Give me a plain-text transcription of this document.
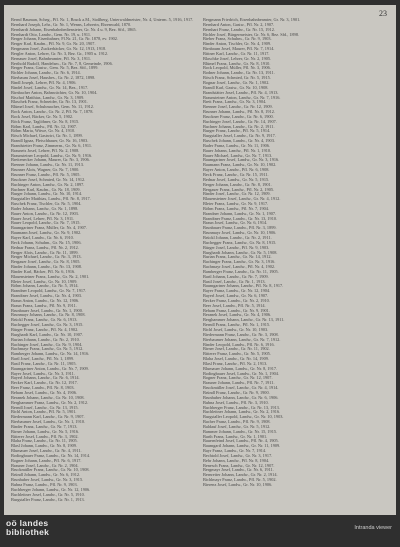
23
Bernd Bauman, Scheg., Pfl. Nr. 1, Bruck a.M., Stoßberg, Unterwaldmeister, Nr. 4, Unterm. 5, 1916, 1917.
Bernhard Joseph, Lehr., Gr. Nr. 1, Wenns, Lehrerin, Ehrenwald, 1870.
Bernhardt Johann, Eisenbahnbediensteter, Gr. Nr. 4 u. 9, Bez. Sfd., 1865.
Bernhardt Otto, Landw., Gem. Nr. 19, u. 1911.
Berger Johann, Eisenbahner, Fl.Nr. 21, Gr. Nr. 1878, ev. 1902.
Berger Karl, Kaufm., Pfl. Nr. 9, Gr. Nr. 20, 1907.
Bergmann Josef, Zuckerbäcker, Gr. Nr. 12, 1913, 1918.
Bergler Anton, Lehrer, Gr. Nr. 3, Bez. Gr., 1905 u. 1912.
Bernauer Josef, Bahnbeamter, Pfl. Nr. 3, 1911.
Berthold Rudolf, Handelsm., Gr. Nr. 7, 8, Gemeinde, 1906.
Berger Franz, Gastw., Gem. Nr. 5, Bez. Sfd., 1899.
Bichler Johann, Landw., Gr. Nr. 6, 1914.
Bierbaum Josef, Hausbes., Gr. Nr. 2, 1872, 1898.
Bindl Joseph, Lehrer, Pfl. Nr. 4, 1906.
Bindel Josef, Landw., Gr. Nr. 14, Bez., 1917.
Birnbacher Anton, Bahnwächter, Gr. Nr. 10, 1904.
Bischof Matthias, Landw., Gr. Nr. 3, 1909.
Blaschek Franz, Schneider, Gr. Nr. 13, 1901.
Blümel Josef, Schuhmacher, Gem. Nr. 11, 1912.
Bock Anton, Landw., Gr. Nr. 2, Pfl. Nr. 7, 1878.
Bock Josef, Bäcker, Gr. Nr. 5, 1902.
Böck Franz, Taglöhner, Gr. Nr. 8, 1915.
Böhm Karl, Landw., Pfl. Nr. 12, 1907.
Böhm Maria, Witwe, Gr. Nr. 4, 1910.
Bösch Michael, Gastwirt, Gr. Nr. 1, 1899.
Brandl Ignaz, Fleischhauer, Gr. Nr. 16, 1903.
Brandstetter Franz, Zimmerm., Gr. Nr. 6, 1911.
Brauneis Josef, Lehrer, Pfl. Nr. 2, 1908.
Braunsteiner Leopold, Landw., Gr. Nr. 9, 1916.
Breitenecker Johann, Maurer, Gr. Nr. 3, 1906.
Brenner Johann, Landw., Gr. Nr. 11, 1913.
Brunner Alois, Wagner, Gr. Nr. 7, 1900.
Brunner Franz, Landw., Pfl. Nr. 5, 1905.
Bruckner Josef, Schmied, Gr. Nr. 14, 1912.
Buchinger Anton, Landw., Gr. Nr. 2, 1897.
Buchner Karl, Kaufm., Gr. Nr. 18, 1909.
Burger Johann, Landw., Gr. Nr. 10, 1914.
Burgstaller Matthias, Landw., Pfl. Nr. 8, 1917.
Buschek Franz, Tischler, Gr. Nr. 5, 1904.
Bader Johann, Landw., Gr. Nr. 1, 1898.
Bauer Anton, Landw., Gr. Nr. 12, 1903.
Bauer Josef, Lehrer, Pfl. Nr. 3, 1911.
Bauer Leopold, Landw., Gr. Nr. 7, 1915.
Baumgartner Franz, Müller, Gr. Nr. 4, 1907.
Baumann Josef, Landw., Gr. Nr. 9, 1902.
Bayer Karl, Landw., Gr. Nr. 6, 1910.
Beck Johann, Schuhm., Gr. Nr. 15, 1906.
Bednar Franz, Landw., Pfl. Nr. 2, 1912.
Berger Alois, Landw., Gr. Nr. 11, 1899.
Berger Michael, Landw., Gr. Nr. 3, 1913.
Bergauer Josef, Landw., Gr. Nr. 8, 1905.
Binder Johann, Landw., Gr. Nr. 13, 1908.
Binder Karl, Bäcker, Pfl. Nr. 6, 1916.
Blauensteiner Franz, Landw., Gr. Nr. 2, 1901.
Bleier Josef, Landw., Gr. Nr. 10, 1909.
Böhm Johann, Landw., Gr. Nr. 5, 1914.
Brandner Leopold, Landw., Gr. Nr. 7, 1917.
Brandtner Josef, Landw., Gr. Nr. 4, 1903.
Braun Anton, Landw., Gr. Nr. 12, 1906.
Braun Franz, Landw., Pfl. Nr. 9, 1911.
Brunbauer Josef, Landw., Gr. Nr. 1, 1900.
Brunmayr Johann, Landw., Gr. Nr. 8, 1908.
Brückl Franz, Landw., Gr. Nr. 6, 1913.
Buchegger Josef, Landw., Gr. Nr. 3, 1915.
Bürger Franz, Landw., Pfl. Nr. 4, 1902.
Burghardt Karl, Landw., Gr. Nr. 10, 1907.
Burian Johann, Landw., Gr. Nr. 2, 1910.
Bachinger Josef, Landw., Gr. Nr. 9, 1904.
Bachmayr Franz, Landw., Gr. Nr. 5, 1912.
Bamberger Johann, Landw., Gr. Nr. 14, 1916.
Bartl Josef, Landw., Pfl. Nr. 1, 1899.
Bastl Franz, Landw., Gr. Nr. 11, 1905.
Baumgartner Anton, Landw., Gr. Nr. 7, 1909.
Bayer Josef, Landw., Gr. Nr. 3, 1911.
Bayerl Johann, Landw., Gr. Nr. 6, 1914.
Becker Karl, Landw., Gr. Nr. 12, 1917.
Beer Franz, Landw., Pfl. Nr. 8, 1903.
Beham Josef, Landw., Gr. Nr. 4, 1906.
Beranek Johann, Landw., Gr. Nr. 10, 1908.
Berghammer Franz, Landw., Gr. Nr. 2, 1912.
Berndl Josef, Landw., Gr. Nr. 13, 1915.
Bichl Anton, Landw., Pfl. Nr. 5, 1901.
Biedermann Karl, Landw., Gr. Nr. 9, 1907.
Bierbaumer Josef, Landw., Gr. Nr. 1, 1910.
Binder Franz, Landw., Gr. Nr. 7, 1913.
Birner Johann, Landw., Gr. Nr. 5, 1916.
Bitterer Josef, Landw., Pfl. Nr. 3, 1902.
Blaha Franz, Landw., Gr. Nr. 11, 1905.
Blasl Johann, Landw., Gr. Nr. 8, 1909.
Blumauer Josef, Landw., Gr. Nr. 4, 1911.
Bodingbauer Franz, Landw., Gr. Nr. 14, 1914.
Bogner Johann, Landw., Pfl. Nr. 6, 1917.
Brauner Josef, Landw., Gr. Nr. 2, 1904.
Bruckmüller Franz, Landw., Gr. Nr. 10, 1908.
Bründl Johann, Landw., Gr. Nr. 6, 1912.
Brunhuber Josef, Landw., Gr. Nr. 3, 1915.
Bubna Franz, Landw., Pfl. Nr. 9, 1903.
Buchberger Johann, Landw., Gr. Nr. 12, 1906.
Buchleitner Josef, Landw., Gr. Nr. 5, 1910.
Burgstaller Franz, Landw., Gr. Nr. 1, 1913.
Bergmann Friedrich, Eisenbahnbeamter, Gr. Nr. 3, 1901.
Bernhard Anton, Gastw., Pfl. Nr. 2, 1907.
Bernhart Franz, Landw., Gr. Nr. 15, 1912.
Bichler Josef, Bürgermeister, Gr. Nr. 6, Bez. Sfd., 1898.
Bieber Franz, Schuhm., Gr. Nr. 9, 1903.
Binder Anton, Tischler, Gr. Nr. 4, 1909.
Birnbaum Josef, Maurer, Pfl. Nr. 7, 1914.
Bittner Karl, Landw., Gr. Nr. 11, 1917.
Blaschke Josef, Lehrer, Gr. Nr. 2, 1905.
Blümel Franz, Landw., Gr. Nr. 8, 1910.
Bock Leopold, Müller, Pfl. Nr. 3, 1906.
Bodner Johann, Landw., Gr. Nr. 13, 1911.
Bösch Franz, Schmied, Gr. Nr. 5, 1915.
Bognar Josef, Landw., Gr. Nr. 1, 1902.
Brandl Karl, Gastw., Gr. Nr. 10, 1908.
Brandstätter Josef, Landw., Pfl. Nr. 4, 1913.
Braunsteiner Anton, Landw., Gr. Nr. 7, 1916.
Breit Franz, Landw., Gr. Nr. 3, 1904.
Brenner Josef, Landw., Gr. Nr. 12, 1909.
Brunner Johann, Landw., Pfl. Nr. 8, 1912.
Bruckner Franz, Landw., Gr. Nr. 6, 1900.
Buchinger Josef, Landw., Gr. Nr. 14, 1907.
Buchner Johann, Landw., Gr. Nr. 2, 1911.
Burger Franz, Landw., Pfl. Nr. 5, 1914.
Burgstaller Josef, Landw., Gr. Nr. 9, 1917.
Buschek Johann, Landw., Gr. Nr. 4, 1903.
Bader Franz, Landw., Gr. Nr. 11, 1906.
Bauer Johann, Landw., Pfl. Nr. 1, 1910.
Bauer Michael, Landw., Gr. Nr. 7, 1913.
Baumgartner Josef, Landw., Gr. Nr. 3, 1916.
Baumann Franz, Landw., Gr. Nr. 10, 1902.
Bayer Anton, Landw., Pfl. Nr. 6, 1908.
Beck Franz, Landw., Gr. Nr. 15, 1911.
Bednar Josef, Landw., Gr. Nr. 5, 1915.
Berger Johann, Landw., Gr. Nr. 8, 1901.
Bergauer Franz, Landw., Pfl. Nr. 2, 1905.
Binder Josef, Landw., Gr. Nr. 12, 1909.
Blauensteiner Josef, Landw., Gr. Nr. 4, 1912.
Bleier Franz, Landw., Gr. Nr. 9, 1917.
Böhm Franz, Landw., Pfl. Nr. 7, 1904.
Brandner Johann, Landw., Gr. Nr. 1, 1907.
Brandtner Franz, Landw., Gr. Nr. 13, 1910.
Braun Josef, Landw., Gr. Nr. 6, 1914.
Brunbauer Franz, Landw., Pfl. Nr. 3, 1899.
Brunmayr Josef, Landw., Gr. Nr. 10, 1906.
Brückl Johann, Landw., Gr. Nr. 2, 1911.
Buchegger Franz, Landw., Gr. Nr. 8, 1915.
Bürger Josef, Landw., Pfl. Nr. 9, 1903.
Burghardt Johann, Landw., Gr. Nr. 5, 1908.
Burian Franz, Landw., Gr. Nr. 14, 1912.
Bachinger Franz, Landw., Gr. Nr. 3, 1916.
Bachmayr Josef, Landw., Pfl. Nr. 4, 1902.
Bamberger Franz, Landw., Gr. Nr. 11, 1905.
Bartl Johann, Landw., Gr. Nr. 7, 1909.
Bastl Josef, Landw., Gr. Nr. 1, 1913.
Baumgartner Johann, Landw., Pfl. Nr. 8, 1917.
Bayer Franz, Landw., Gr. Nr. 12, 1904.
Bayerl Josef, Landw., Gr. Nr. 6, 1907.
Becker Franz, Landw., Gr. Nr. 2, 1910.
Beer Josef, Landw., Pfl. Nr. 5, 1914.
Beham Franz, Landw., Gr. Nr. 9, 1901.
Beranek Josef, Landw., Gr. Nr. 4, 1906.
Berghammer Johann, Landw., Gr. Nr. 13, 1911.
Berndl Franz, Landw., Pfl. Nr. 1, 1915.
Bichl Josef, Landw., Gr. Nr. 10, 1903.
Biedermann Franz, Landw., Gr. Nr. 3, 1908.
Bierbaumer Johann, Landw., Gr. Nr. 7, 1912.
Binder Leopold, Landw., Pfl. Nr. 6, 1916.
Birner Josef, Landw., Gr. Nr. 11, 1902.
Bitterer Franz, Landw., Gr. Nr. 5, 1905.
Blaha Josef, Landw., Gr. Nr. 14, 1909.
Blasl Franz, Landw., Pfl. Nr. 2, 1913.
Blumauer Johann, Landw., Gr. Nr. 8, 1917.
Bodingbauer Josef, Landw., Gr. Nr. 1, 1904.
Bogner Franz, Landw., Gr. Nr. 12, 1907.
Brauner Johann, Landw., Pfl. Nr. 7, 1911.
Bruckmüller Josef, Landw., Gr. Nr. 4, 1914.
Bründl Franz, Landw., Gr. Nr. 9, 1900.
Brunhuber Johann, Landw., Gr. Nr. 6, 1906.
Bubna Josef, Landw., Pfl. Nr. 3, 1910.
Buchberger Franz, Landw., Gr. Nr. 13, 1913.
Buchleitner Johann, Landw., Gr. Nr. 2, 1916.
Burgstaller Leopold, Landw., Gr. Nr. 10, 1903.
Bacher Franz, Landw., Pfl. Nr. 9, 1908.
Baldauf Josef, Landw., Gr. Nr. 5, 1912.
Bammer Johann, Landw., Gr. Nr. 15, 1915.
Barth Franz, Landw., Gr. Nr. 1, 1901.
Bauernfeind Josef, Landw., Pfl. Nr. 4, 1905.
Baumgartl Johann, Landw., Gr. Nr. 11, 1909.
Bayr Franz, Landw., Gr. Nr. 7, 1914.
Bechtold Josef, Landw., Gr. Nr. 3, 1917.
Behr Johann, Landw., Pfl. Nr. 8, 1904.
Benesch Franz, Landw., Gr. Nr. 12, 1907.
Bergmayr Josef, Landw., Gr. Nr. 6, 1911.
Bernreiter Johann, Landw., Gr. Nr. 2, 1914.
Bichlmayr Franz, Landw., Pfl. Nr. 5, 1902.
Bierenz Josef, Landw., Gr. Nr. 10, 1906.
oö landes
bibliothek	Intranda viewer
